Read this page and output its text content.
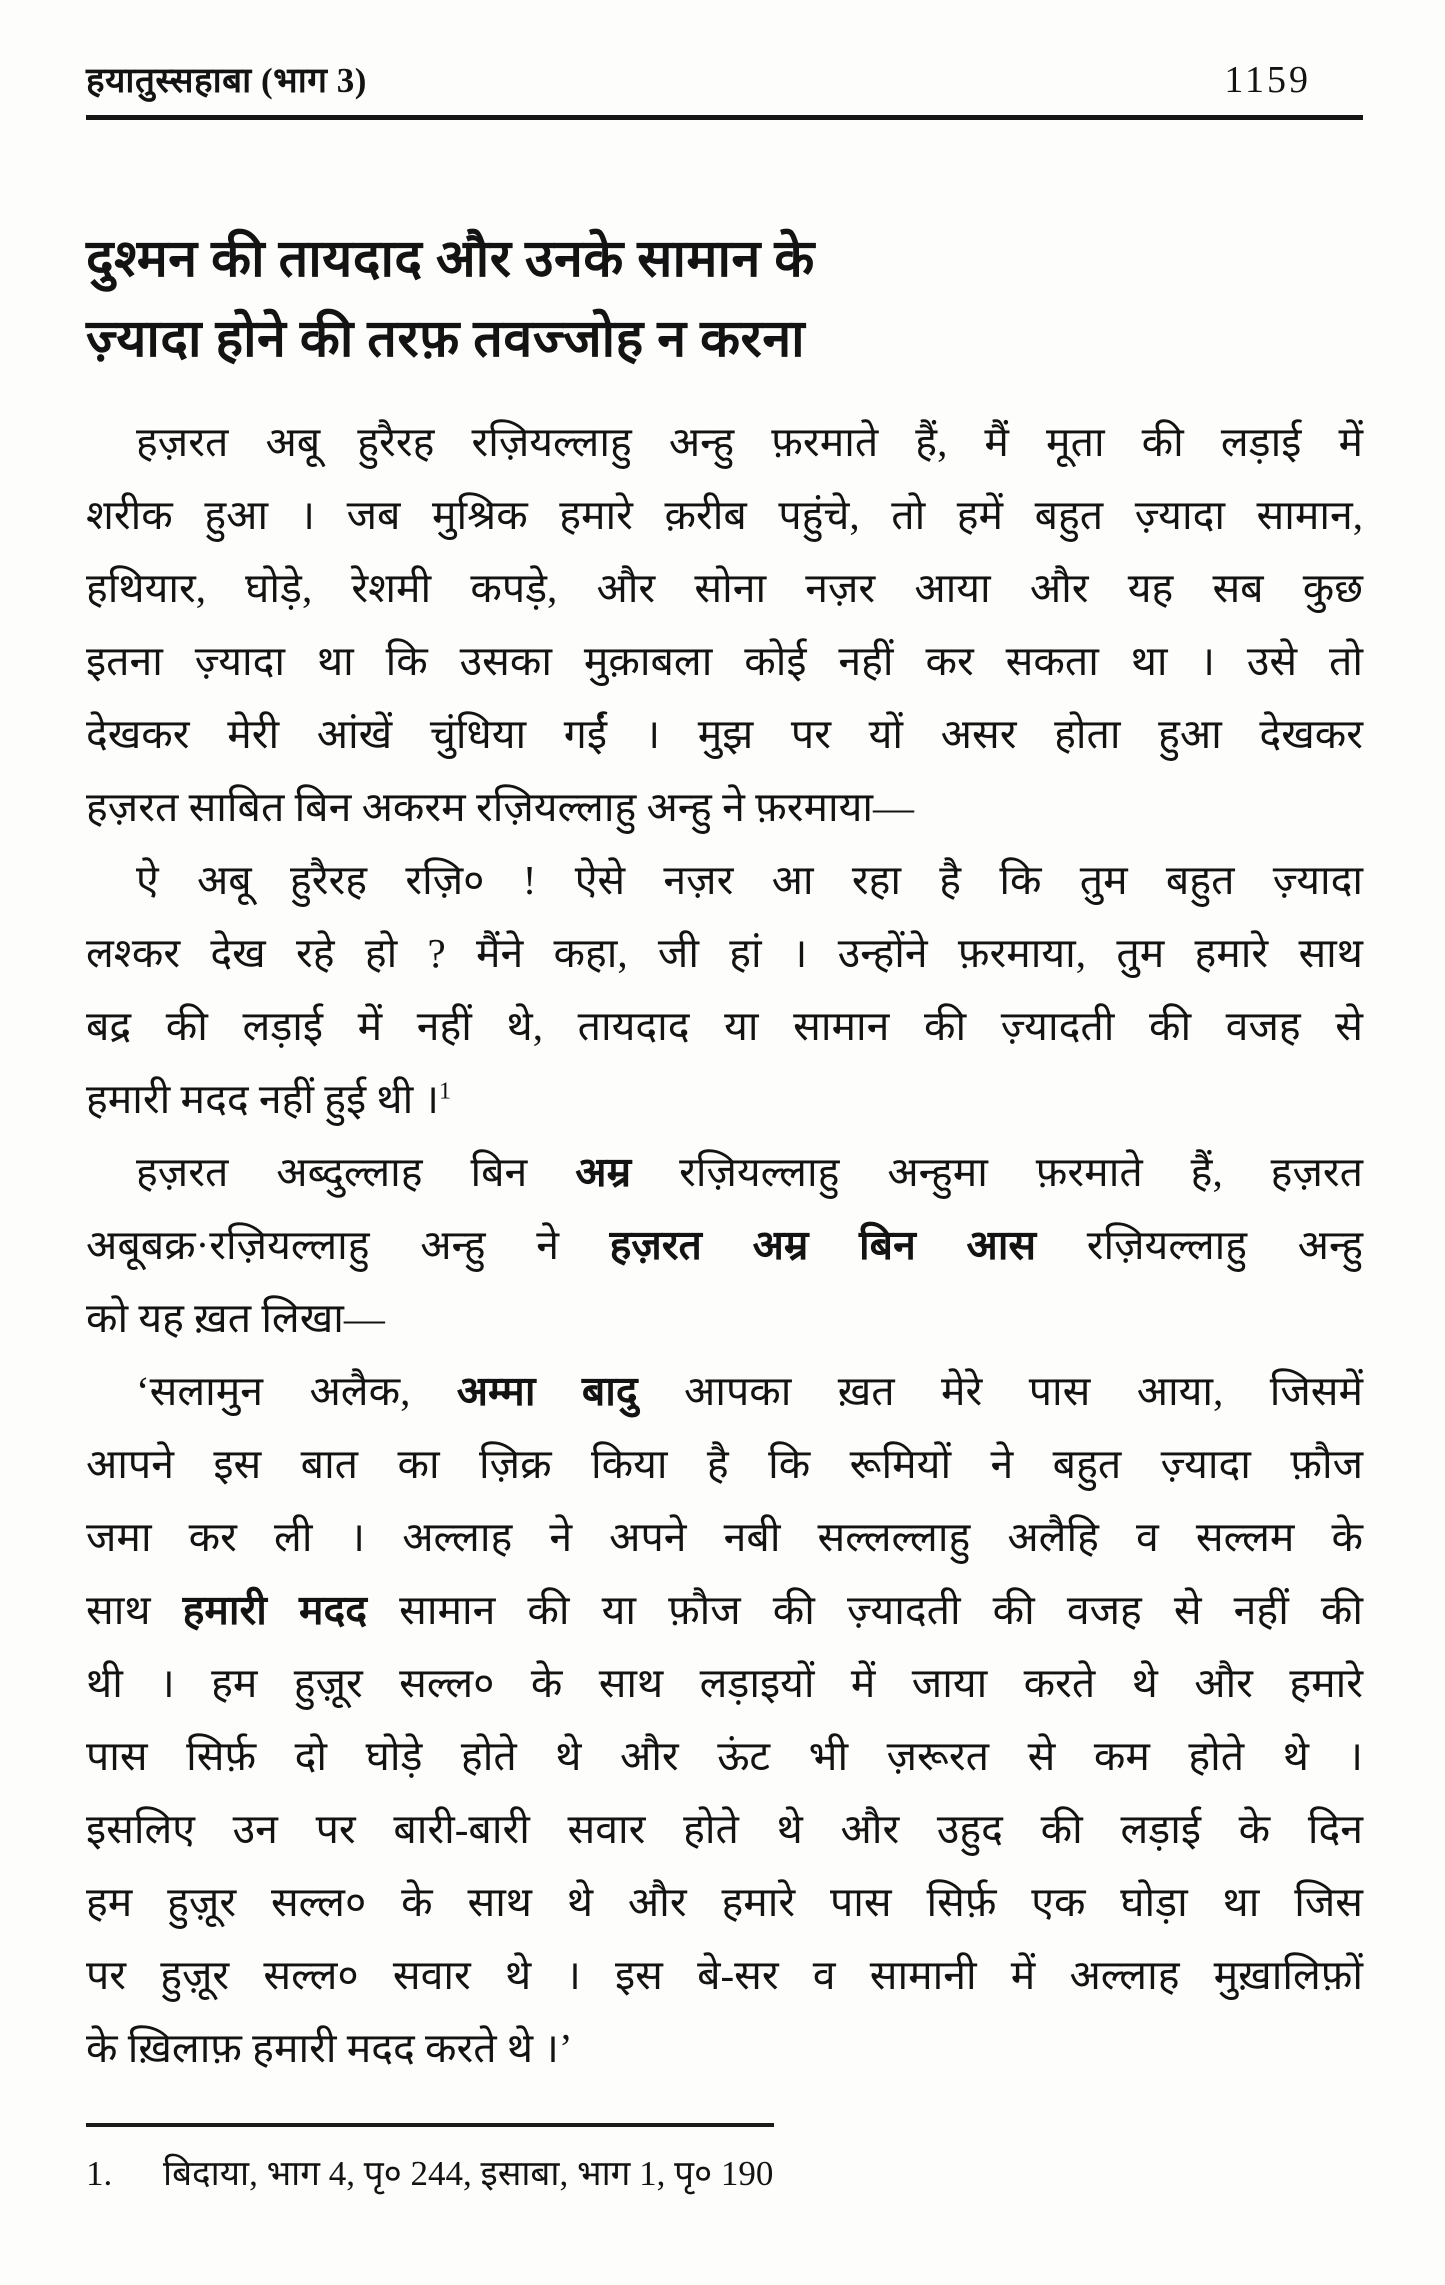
हयातुस्सहाबा (भाग 3)	1159
दुश्मन की तायदाद और उनके सामान के
ज़्यादा होने की तरफ़ तवज्जोह न करना
हज़रत अबू हुरैरह रज़ियल्लाहु अन्हु फ़रमाते हैं, मैं मूता की लड़ाई में
शरीक हुआ । जब मुश्रिक हमारे क़रीब पहुंचे, तो हमें बहुत ज़्यादा सामान,
हथियार, घोड़े, रेशमी कपड़े, और सोना नज़र आया और यह सब कुछ
इतना ज़्यादा था कि उसका मुक़ाबला कोई नहीं कर सकता था । उसे तो
देखकर मेरी आंखें चुंधिया गईं । मुझ पर यों असर होता हुआ देखकर
हज़रत साबित बिन अकरम रज़ियल्लाहु अन्हु ने फ़रमाया—
ऐ अबू हुरैरह रज़ि० ! ऐसे नज़र आ रहा है कि तुम बहुत ज़्यादा
लश्कर देख रहे हो ? मैंने कहा, जी हां । उन्होंने फ़रमाया, तुम हमारे साथ
बद्र की लड़ाई में नहीं थे, तायदाद या सामान की ज़्यादती की वजह से
हमारी मदद नहीं हुई थी ।$^1$
हज़रत अब्दुल्लाह बिन अम्र रज़ियल्लाहु अन्हुमा फ़रमाते हैं, हज़रत
अबूबक्र·रज़ियल्लाहु अन्हु ने हज़रत अम्र बिन आस रज़ियल्लाहु अन्हु
को यह ख़त लिखा—
‘सलामुन अलैक, अम्मा बादु आपका ख़त मेरे पास आया, जिसमें
आपने इस बात का ज़िक्र किया है कि रूमियों ने बहुत ज़्यादा फ़ौज
जमा कर ली । अल्लाह ने अपने नबी सल्लल्लाहु अलैहि व सल्लम के
साथ हमारी मदद सामान की या फ़ौज की ज़्यादती की वजह से नहीं की
थी । हम हुज़ूर सल्ल० के साथ लड़ाइयों में जाया करते थे और हमारे
पास सिर्फ़ दो घोड़े होते थे और ऊंट भी ज़रूरत से कम होते थे ।
इसलिए उन पर बारी-बारी सवार होते थे और उहुद की लड़ाई के दिन
हम हुज़ूर सल्ल० के साथ थे और हमारे पास सिर्फ़ एक घोड़ा था जिस
पर हुज़ूर सल्ल० सवार थे । इस बे-सर व सामानी में अल्लाह मुख़ालिफ़ों
के ख़िलाफ़ हमारी मदद करते थे ।’
1. बिदाया, भाग 4, पृ० 244, इसाबा, भाग 1, पृ० 190
